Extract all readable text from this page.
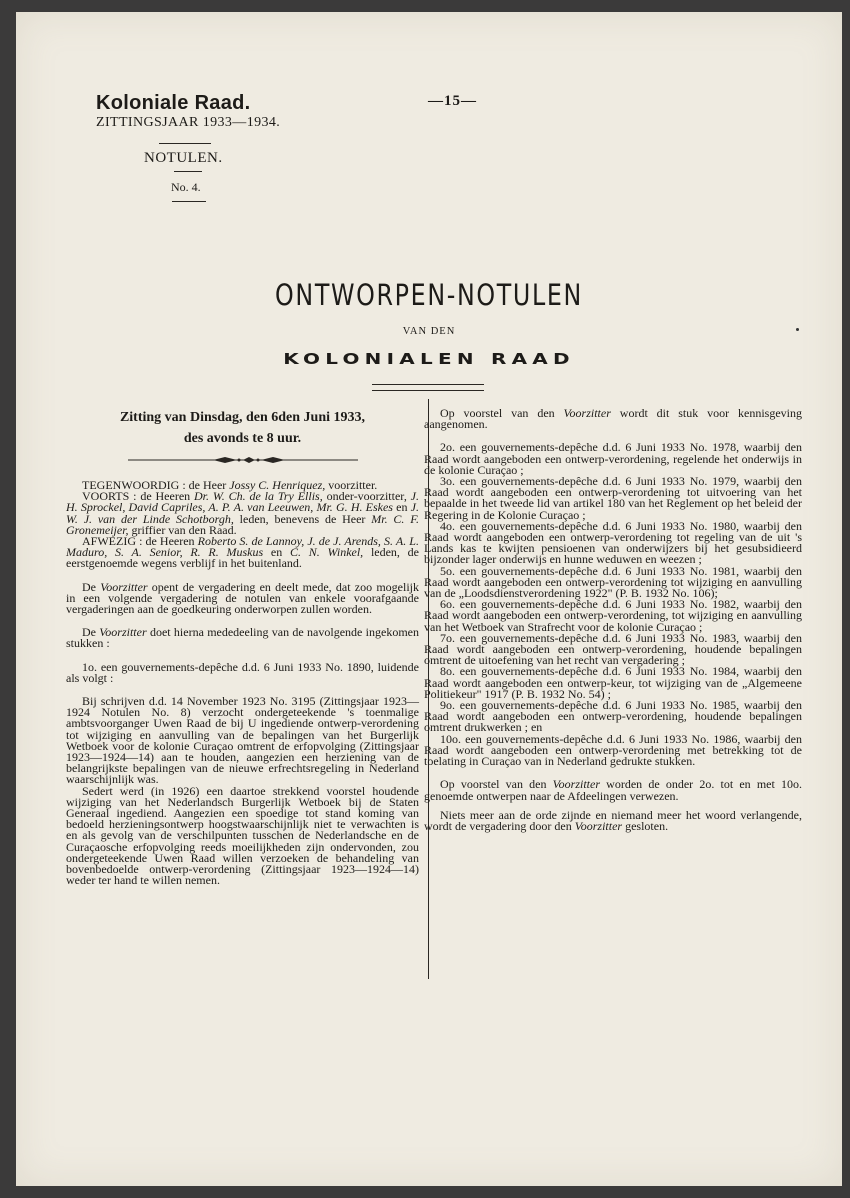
Koloniale Raad.
ZITTINGSJAAR 1933—1934.
—15—
NOTULEN.
No. 4.
ONTWORPEN-NOTULEN
VAN DEN
KOLONIALEN RAAD

Zitting van Dinsdag, den 6den Juni 1933,

des avonds te 8 uur.

TEGENWOORDIG : de Heer Jossy C. Henriquez, voorzitter.

VOORTS : de Heeren Dr. W. Ch. de la Try Ellis, onder-voorzitter, J. H. Sprockel, David Capriles, A. P. A. van Leeuwen, Mr. G. H. Eskes en J. W. J. van der Linde Schotborgh, leden, benevens de Heer Mr. C. F. Gronemeijer, griffier van den Raad.

AFWEZIG : de Heeren Roberto S. de Lannoy, J. de J. Arends, S. A. L. Maduro, S. A. Senior, R. R. Muskus en C. N. Winkel, leden, de eerstgenoemde wegens verblijf in het buitenland.

De Voorzitter opent de vergadering en deelt mede, dat zoo mogelijk in een volgende vergadering de notulen van enkele voorafgaande vergaderingen aan de goedkeuring onderworpen zullen worden.

De Voorzitter doet hierna mededeeling van de navolgende ingekomen stukken :

1o. een gouvernements-depêche d.d. 6 Juni 1933 No. 1890, luidende als volgt :

Bij schrijven d.d. 14 November 1923 No. 3195 (Zittingsjaar 1923—1924 Notulen No. 8) verzocht ondergeteekende 's toenmalige ambtsvoorganger Uwen Raad de bij U ingediende ontwerp-verordening tot wijziging en aanvulling van de bepalingen van het Burgerlijk Wetboek voor de kolonie Curaçao omtrent de erfopvolging (Zittingsjaar 1923—1924—14) aan te houden, aangezien een herziening van de belangrijkste bepalingen van de nieuwe erfrechtsregeling in Nederland waarschijnlijk was.

Sedert werd (in 1926) een daartoe strekkend voorstel houdende wijziging van het Nederlandsch Burgerlijk Wetboek bij de Staten Generaal ingediend. Aangezien een spoedige tot stand koming van bedoeld herzieningsontwerp hoogstwaarschijnlijk niet te verwachten is en als gevolg van de verschilpunten tusschen de Nederlandsche en de Curaçaosche erfopvolging reeds moeilijkheden zijn ondervonden, zou ondergeteekende Uwen Raad willen verzoeken de behandeling van bovenbedoelde ontwerp-verordening (Zittingsjaar 1923—1924—14) weder ter hand te willen nemen.

Op voorstel van den Voorzitter wordt dit stuk voor kennisgeving aangenomen.

2o. een gouvernements-depêche d.d. 6 Juni 1933 No. 1978, waarbij den Raad wordt aangeboden een ontwerp-verordening, regelende het onderwijs in de kolonie Curaçao ;

3o. een gouvernements-depêche d.d. 6 Juni 1933 No. 1979, waarbij den Raad wordt aangeboden een ontwerp-verordening tot uitvoering van het bepaalde in het tweede lid van artikel 180 van het Reglement op het beleid der Regering in de Kolonie Curaçao ;

4o. een gouvernements-depêche d.d. 6 Juni 1933 No. 1980, waarbij den Raad wordt aangeboden een ontwerp-verordening tot regeling van de uit 's Lands kas te kwijten pensioenen van onderwijzers bij het gesubsidieerd bijzonder lager onderwijs en hunne weduwen en weezen ;

5o. een gouvernements-depêche d.d. 6 Juni 1933 No. 1981, waarbij den Raad wordt aangeboden een ontwerp-verordening tot wijziging en aanvulling van de „Loodsdienstverordening 1922" (P. B. 1932 No. 106);

6o. een gouvernements-depêche d.d. 6 Juni 1933 No. 1982, waarbij den Raad wordt aangeboden een ontwerp-verordening, tot wijziging en aanvulling van het Wetboek van Strafrecht voor de kolonie Curaçao ;

7o. een gouvernements-depêche d.d. 6 Juni 1933 No. 1983, waarbij den Raad wordt aangeboden een ontwerp-verordening, houdende bepalingen omtrent de uitoefening van het recht van vergadering ;

8o. een gouvernements-depêche d.d. 6 Juni 1933 No. 1984, waarbij den Raad wordt aangeboden een ontwerp-keur, tot wijziging van de „Algemeene Politiekeur" 1917 (P. B. 1932 No. 54) ;

9o. een gouvernements-depêche d.d. 6 Juni 1933 No. 1985, waarbij den Raad wordt aangeboden een ontwerp-verordening, houdende bepalingen omtrent drukwerken ; en

10o. een gouvernements-depêche d.d. 6 Juni 1933 No. 1986, waarbij den Raad wordt aangeboden een ontwerp-verordening met betrekking tot de toelating in Curaçao van in Nederland gedrukte stukken.

Op voorstel van den Voorzitter worden de onder 2o. tot en met 10o. genoemde ontwerpen naar de Afdeelingen verwezen.

Niets meer aan de orde zijnde en niemand meer het woord verlangende, wordt de vergadering door den Voorzitter gesloten.
